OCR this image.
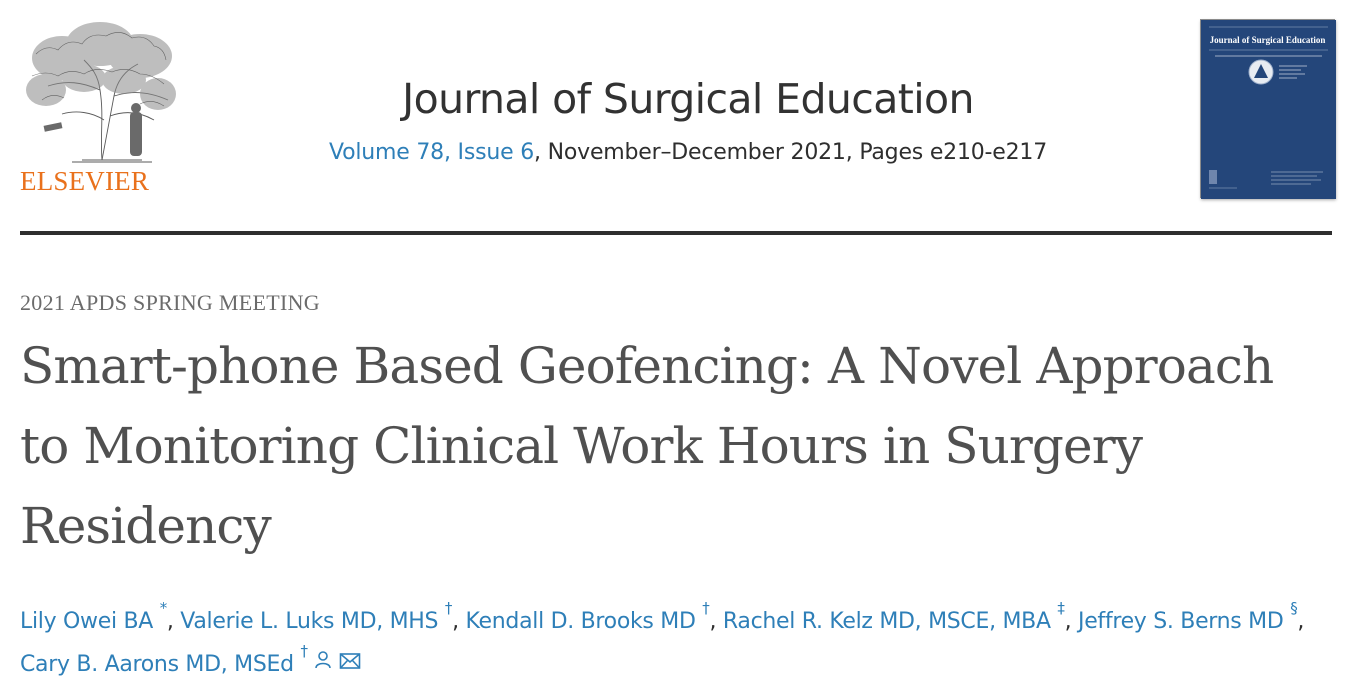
ELSEVIER
Journal of Surgical Education
Volume 78, Issue 6, November–December 2021, Pages e210-e217
Journal of Surgical Education
2021 APDS SPRING MEETING
Smart-phone Based Geofencing: A Novel Approach to Monitoring Clinical Work Hours in Surgery Residency
Lily Owei BA *, Valerie L. Luks MD, MHS †, Kendall D. Brooks MD †, Rachel R. Kelz MD, MSCE, MBA ‡, Jeffrey S. Berns MD §, Cary B. Aarons MD, MSEd †
